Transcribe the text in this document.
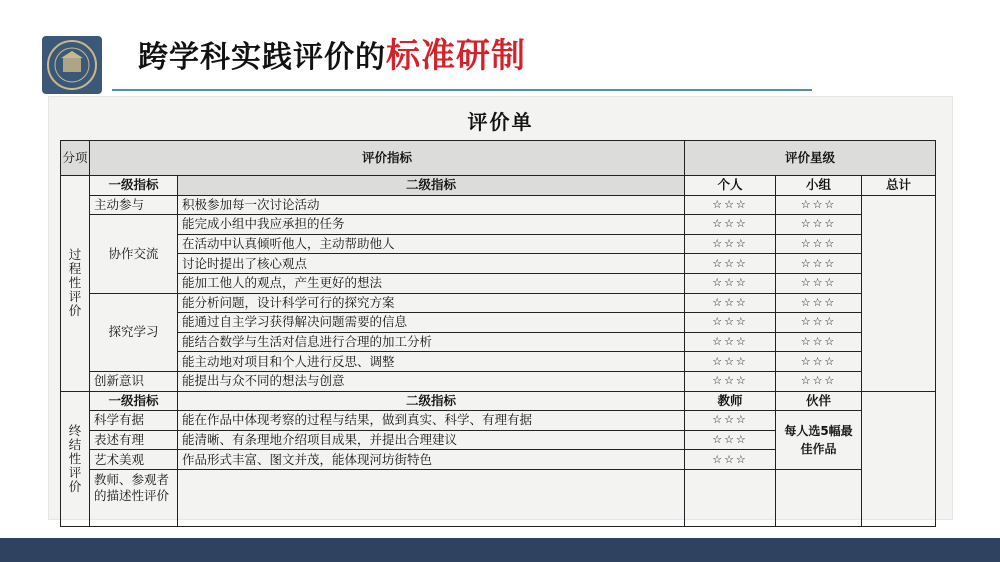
跨学科实践评价的标准研制
评价单
分项	评价指标		评价星级		
过程性评价	一级指标	二级指标	个人	小组	总计
	主动参与	积极参加每一次讨论活动	☆☆☆	☆☆☆	
	协作交流	能完成小组中我应承担的任务	☆☆☆	☆☆☆	
		在活动中认真倾听他人，主动帮助他人	☆☆☆	☆☆☆	
		讨论时提出了核心观点	☆☆☆	☆☆☆	
		能加工他人的观点，产生更好的想法	☆☆☆	☆☆☆	
	探究学习	能分析问题，设计科学可行的探究方案	☆☆☆	☆☆☆	
		能通过自主学习获得解决问题需要的信息	☆☆☆	☆☆☆	
		能结合数学与生活对信息进行合理的加工分析	☆☆☆	☆☆☆	
		能主动地对项目和个人进行反思、调整	☆☆☆	☆☆☆	
	创新意识	能提出与众不同的想法与创意	☆☆☆	☆☆☆	
终结性评价	一级指标	二级指标	教师	伙伴	
	科学有据	能在作品中体现考察的过程与结果，做到真实、科学、有理有据	☆☆☆	每人选5幅最佳作品	
	表述有理	能清晰、有条理地介绍项目成果，并提出合理建议	☆☆☆		
	艺术美观	作品形式丰富、图文并茂，能体现河坊街特色	☆☆☆		
	教师、参观者的描述性评价				
